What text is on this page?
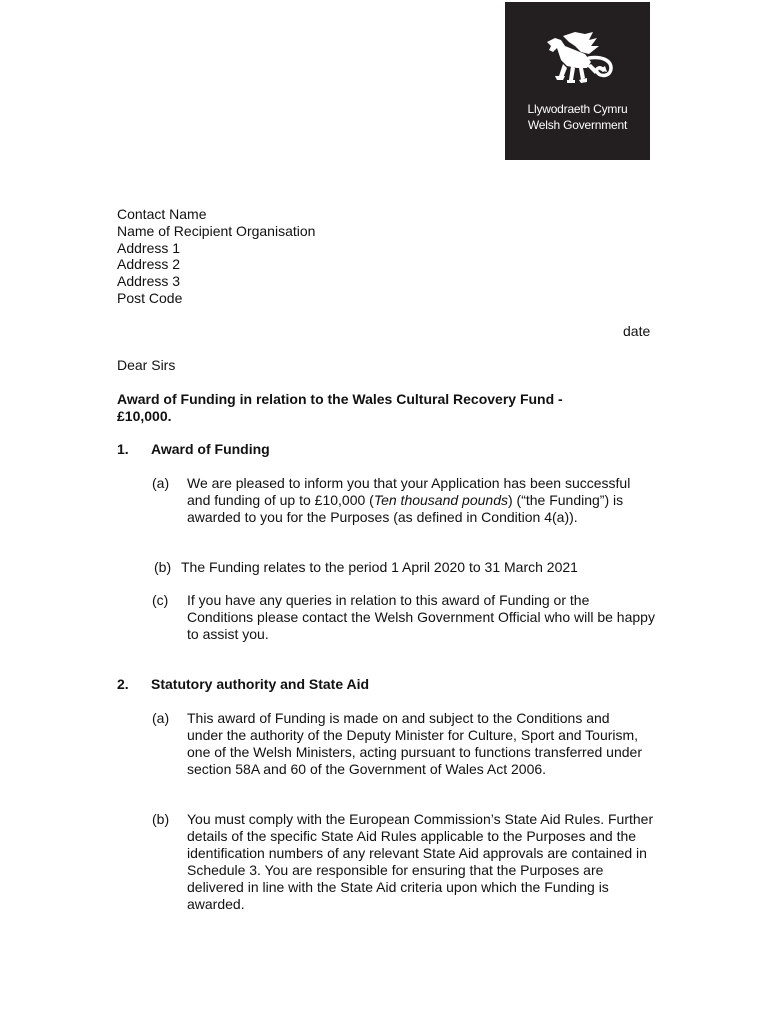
Llywodraeth Cymru
Welsh Government
Contact Name
Name of Recipient Organisation
Address 1
Address 2
Address 3
Post Code
date
Dear Sirs
Award of Funding in relation to the Wales Cultural Recovery Fund -
£10,000.
1. Award of Funding
(a) We are pleased to inform you that your Application has been successful and funding of up to £10,000 (Ten thousand pounds) (“the Funding”) is awarded to you for the Purposes (as defined in Condition 4(a)).
(b) The Funding relates to the period 1 April 2020 to 31 March 2021
(c) If you have any queries in relation to this award of Funding or the Conditions please contact the Welsh Government Official who will be happy to assist you.
2. Statutory authority and State Aid
(a) This award of Funding is made on and subject to the Conditions and under the authority of the Deputy Minister for Culture, Sport and Tourism, one of the Welsh Ministers, acting pursuant to functions transferred under section 58A and 60 of the Government of Wales Act 2006.
(b) You must comply with the European Commission’s State Aid Rules. Further details of the specific State Aid Rules applicable to the Purposes and the identification numbers of any relevant State Aid approvals are contained in Schedule 3. You are responsible for ensuring that the Purposes are delivered in line with the State Aid criteria upon which the Funding is awarded.
